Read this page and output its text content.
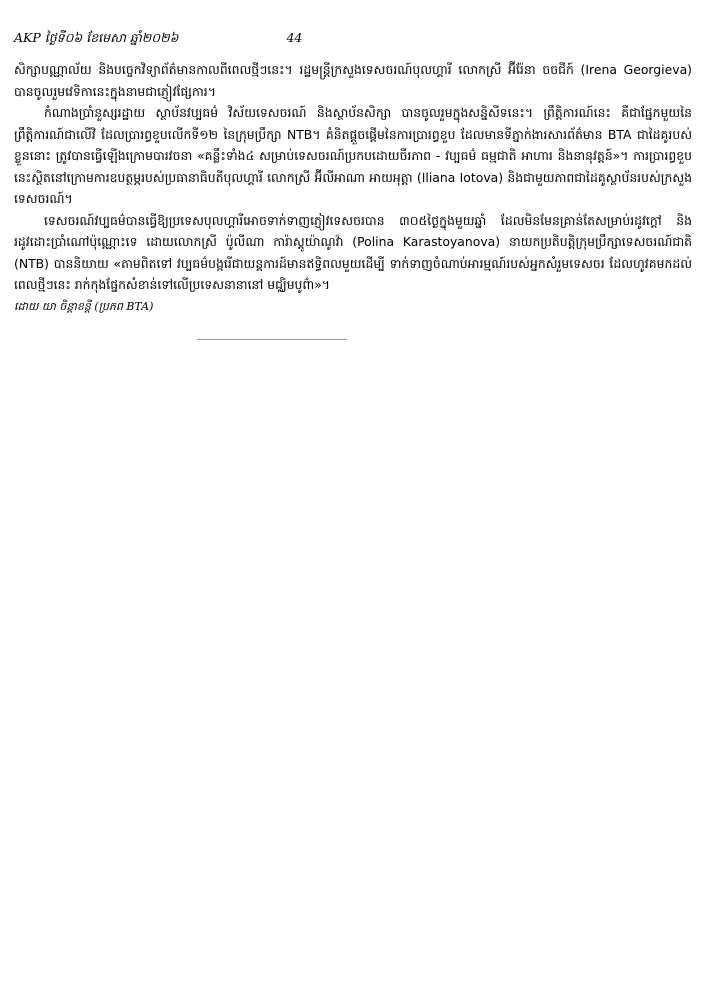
AKP ថ្ងៃទី០៦ ខែមេសា ឆ្នាំ២០២៦	44

សិក្សាបណ្ណាល័យ និងបច្ចេកវិទ្យាព័ត៌មានកាលពីពេលថ្មីៗនេះ។ រដ្ឋមន្ត្រីក្រសួងទេសចរណ៍បុលហ្គារី លោកស្រី អ៊ីរ៉ែនា ចចជីក៍ (Irena Georgieva) បានចូលរួមវេទិកានេះក្នុងនាមជាភ្ញៀវផ្សែការ។

កំណាងប្រាំនួស្សរដ្ឋាយ ស្ថាប័នវប្បធម៌ វិស័យទេសចរណ៍ និងស្ថាប័នសិក្សា បានចូលរួមក្នុងសន្និសីទនេះ។ ព្រឹត្តិការណ៍នេះ គឺជាផ្នែកមួយនៃព្រឹត្តិការណ៍ជាលើវិ ដែលប្រារព្ធខួបលើកទី១២ នៃក្រុមប្រឹក្សា NTB។ គំនិតផ្តួចផ្តើមនៃការប្រារព្ធខួប ដែលមានទីភ្នាក់ងារសារព័ត៌មាន BTA ជាដៃគូរបស់ខ្លួននោះ ត្រូវបានធ្វើឡើងក្រោមបារវចនា «គន្លឹះទាំង៤ សម្រាប់ទេសចរណ៍ប្រកបដោយចីរភាព - វប្បធម៌ ធម្មជាតិ អាហារ និងនានុវត្តន៍»។ ការប្រារព្ធខួបនេះស្ថិតនៅក្រោមការឧបត្ថម្ភរបស់ប្រធានាធិបតីបុលហ្គារី លោកស្រី អ៊ីលីអាណា អាយអុត្តា (Iliana Iotova) និងជាមួយភាពជាដៃគូស្ថាប័នរបស់ក្រសួងទេសចរណ៍។

ទេសចរណ៍វប្បធម៌បានធ្វើឱ្យប្រទេសបុលហ្គារីអោចទាក់ទាញភ្ញៀវទេសចរបាន ៣០៥ថ្ងៃក្នុងមួយឆ្នាំ ដែលមិនមែនគ្រាន់តែសម្រាប់រដូវក្តៅ និងរដូវដោះប្រាំណៅប៉ុណ្ណោះទេ ដោយលោកស្រី ប៉ូលីណា ការ៉ាស្តូយ៉ាណូវ៉ា (Polina Karastoyanova) នាយកប្រតិបត្តិក្រុមប្រឹក្សាទេសចរណ៍ជាតិ (NTB) បាននិយាយ «តាមពិតទៅ វប្បធម៌បង្ករើជាយន្តការដ៍មានឥទ្ធិពលមួយដើម្បី ទាក់ទាញចំណាប់អារម្មណ៍របស់អ្នកសំរួមទេសចរ ដែលហូវគមកដល់ពេលថ្មីៗនេះ រាក់កុងផ្នែកសំខាន់ទៅលើប្រទេសនានានៅ មជ្ឈិមបូព៌ា»។

ដោយ យា ចិន្តាខន្តី (ប្រភព BTA)
